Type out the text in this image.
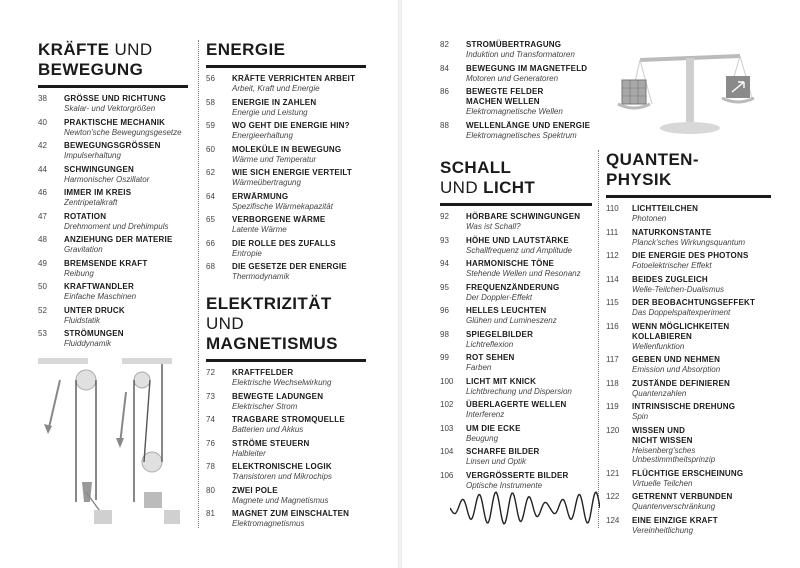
KRÄFTE UND
BEWEGUNG
38	GRÖSSE UND RICHTUNG
Skalar- und Vektorgrößen
40	PRAKTISCHE MECHANIK
Newton'sche Bewegungsgesetze
42	BEWEGUNGSGRÖSSEN
Impulserhaltung
44	SCHWINGUNGEN
Harmonischer Oszillator
46	IMMER IM KREIS
Zentripetalkraft
47	ROTATION
Drehmoment und Drehimpuls
48	ANZIEHUNG DER MATERIE
Gravitation
49	BREMSENDE KRAFT
Reibung
50	KRAFTWANDLER
Einfache Maschinen
52	UNTER DRUCK
Fluidstatik
53	STRÖMUNGEN
Fluiddynamik
ENERGIE
56	KRÄFTE VERRICHTEN ARBEIT
Arbeit, Kraft und Energie
58	ENERGIE IN ZAHLEN
Energie und Leistung
59	WO GEHT DIE ENERGIE HIN?
Energieerhaltung
60	MOLEKÜLE IN BEWEGUNG
Wärme und Temperatur
62	WIE SICH ENERGIE VERTEILT
Wärmeübertragung
64	ERWÄRMUNG
Spezifische Wärmekapazität
65	VERBORGENE WÄRME
Latente Wärme
66	DIE ROLLE DES ZUFALLS
Entropie
68	DIE GESETZE DER ENERGIE
Thermodynamik
ELEKTRIZITÄT
UND
MAGNETISMUS
72	KRAFTFELDER
Elektrische Wechselwirkung
73	BEWEGTE LADUNGEN
Elektrischer Strom
74	TRAGBARE STROMQUELLE
Batterien und Akkus
76	STRÖME STEUERN
Halbleiter
78	ELEKTRONISCHE LOGIK
Transistoren und Mikrochips
80	ZWEI POLE
Magnete und Magnetismus
81	MAGNET ZUM EINSCHALTEN
Elektromagnetismus
82	STROMÜBERTRAGUNG
Induktion und Transformatoren
84	BEWEGUNG IM MAGNETFELD
Motoren und Generatoren
86	BEWEGTE FELDER
MACHEN WELLEN
Elektromagnetische Wellen
88	WELLENLÄNGE UND ENERGIE
Elektromagnetisches Spektrum
SCHALL
UND LICHT
92	HÖRBARE SCHWINGUNGEN
Was ist Schall?
93	HÖHE UND LAUTSTÄRKE
Schallfrequenz und Amplitude
94	HARMONISCHE TÖNE
Stehende Wellen und Resonanz
95	FREQUENZÄNDERUNG
Der Doppler-Effekt
96	HELLES LEUCHTEN
Glühen und Lumineszenz
98	SPIEGELBILDER
Lichtreflexion
99	ROT SEHEN
Farben
100	LICHT MIT KNICK
Lichtbrechung und Dispersion
102	ÜBERLAGERTE WELLEN
Interferenz
103	UM DIE ECKE
Beugung
104	SCHARFE BILDER
Linsen und Optik
106	VERGRÖSSERTE BILDER
Optische Instrumente
QUANTEN-
PHYSIK
110	LICHTTEILCHEN
Photonen
111	NATURKONSTANTE
Planck'sches Wirkungsquantum
112	DIE ENERGIE DES PHOTONS
Fotoelektrischer Effekt
114	BEIDES ZUGLEICH
Welle-Teilchen-Dualismus
115	DER BEOBACHTUNGSEFFEKT
Das Doppelspaltexperiment
116	WENN MÖGLICHKEITEN
KOLLABIEREN
Wellenfunktion
117	GEBEN UND NEHMEN
Emission und Absorption
118	ZUSTÄNDE DEFINIEREN
Quantenzahlen
119	INTRINSISCHE DREHUNG
Spin
120	WISSEN UND
NICHT WISSEN
Heisenberg'sches
Unbestimmtheitsprinzip
121	FLÜCHTIGE ERSCHEINUNG
Virtuelle Teilchen
122	GETRENNT VERBUNDEN
Quantenverschränkung
124	EINE EINZIGE KRAFT
Vereinheitlichung
